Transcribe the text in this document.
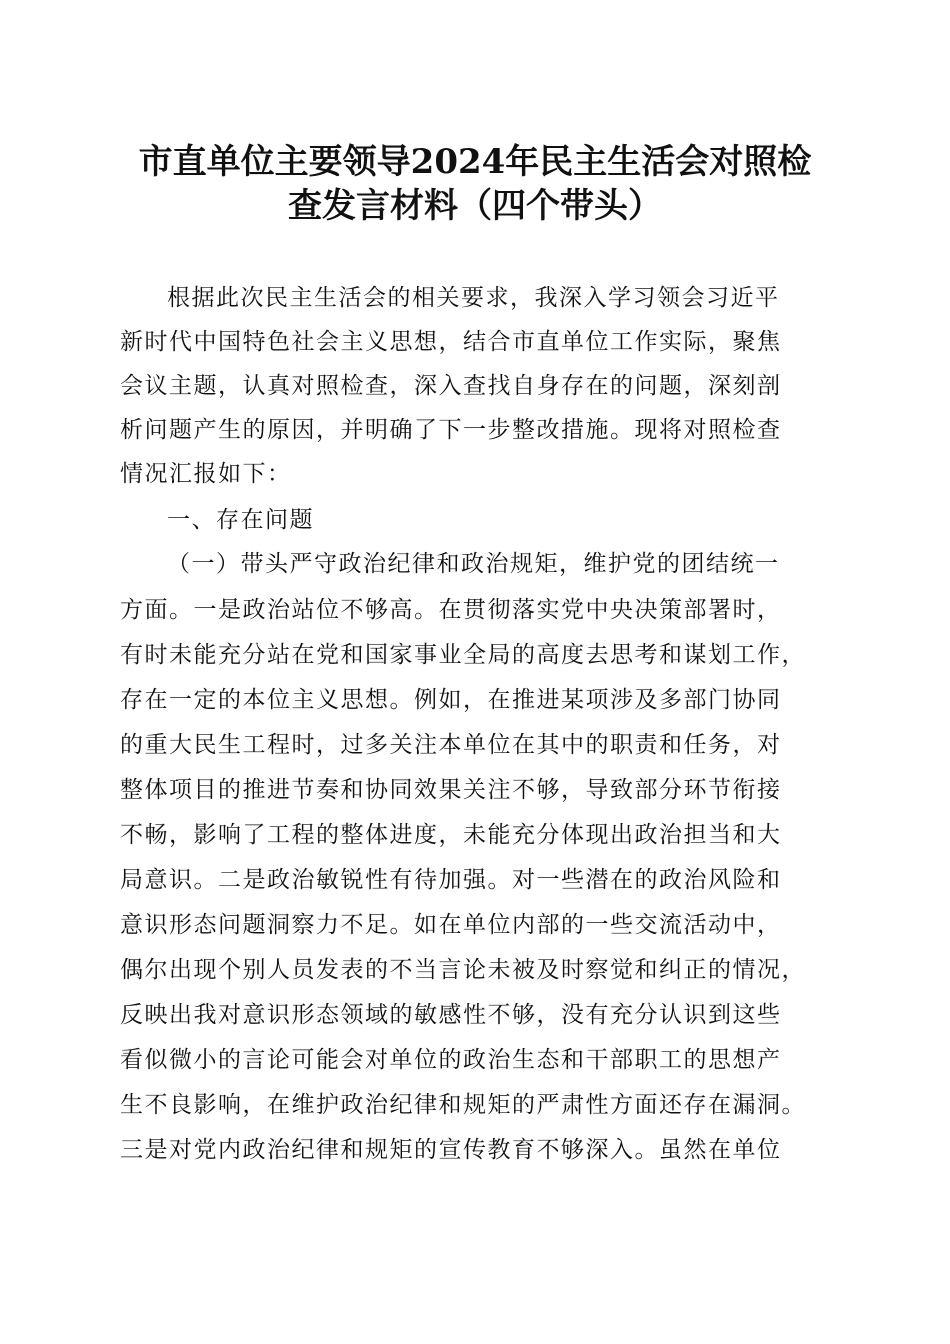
市直单位主要领导2024年民主生活会对照检
查发言材料（四个带头）
根据此次民主生活会的相关要求，我深入学习领会习近平
新时代中国特色社会主义思想，结合市直单位工作实际，聚焦
会议主题，认真对照检查，深入查找自身存在的问题，深刻剖
析问题产生的原因，并明确了下一步整改措施。现将对照检查
情况汇报如下：
一、存在问题
（一）带头严守政治纪律和政治规矩，维护党的团结统一
方面。一是政治站位不够高。在贯彻落实党中央决策部署时，
有时未能充分站在党和国家事业全局的高度去思考和谋划工作，
存在一定的本位主义思想。例如，在推进某项涉及多部门协同
的重大民生工程时，过多关注本单位在其中的职责和任务，对
整体项目的推进节奏和协同效果关注不够，导致部分环节衔接
不畅，影响了工程的整体进度，未能充分体现出政治担当和大
局意识。二是政治敏锐性有待加强。对一些潜在的政治风险和
意识形态问题洞察力不足。如在单位内部的一些交流活动中，
偶尔出现个别人员发表的不当言论未被及时察觉和纠正的情况，
反映出我对意识形态领域的敏感性不够，没有充分认识到这些
看似微小的言论可能会对单位的政治生态和干部职工的思想产
生不良影响，在维护政治纪律和规矩的严肃性方面还存在漏洞。
三是对党内政治纪律和规矩的宣传教育不够深入。虽然在单位
